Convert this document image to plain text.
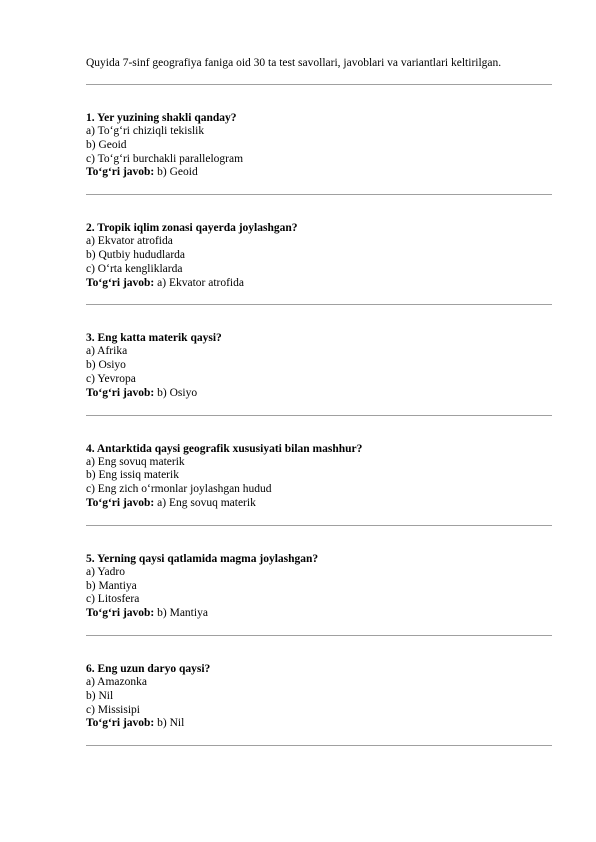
Quyida 7-sinf geografiya faniga oid 30 ta test savollari, javoblari va variantlari keltirilgan.

1. Yer yuzining shakli qanday?

a) To‘g‘ri chiziqli tekislik

b) Geoid

c) To‘g‘ri burchakli parallelogram

To‘g‘ri javob: b) Geoid

2. Tropik iqlim zonasi qayerda joylashgan?

a) Ekvator atrofida

b) Qutbiy hududlarda

c) O‘rta kengliklarda

To‘g‘ri javob: a) Ekvator atrofida

3. Eng katta materik qaysi?

a) Afrika

b) Osiyo

c) Yevropa

To‘g‘ri javob: b) Osiyo

4. Antarktida qaysi geografik xususiyati bilan mashhur?

a) Eng sovuq materik

b) Eng issiq materik

c) Eng zich o‘rmonlar joylashgan hudud

To‘g‘ri javob: a) Eng sovuq materik

5. Yerning qaysi qatlamida magma joylashgan?

a) Yadro

b) Mantiya

c) Litosfera

To‘g‘ri javob: b) Mantiya

6. Eng uzun daryo qaysi?

a) Amazonka

b) Nil

c) Missisipi

To‘g‘ri javob: b) Nil
